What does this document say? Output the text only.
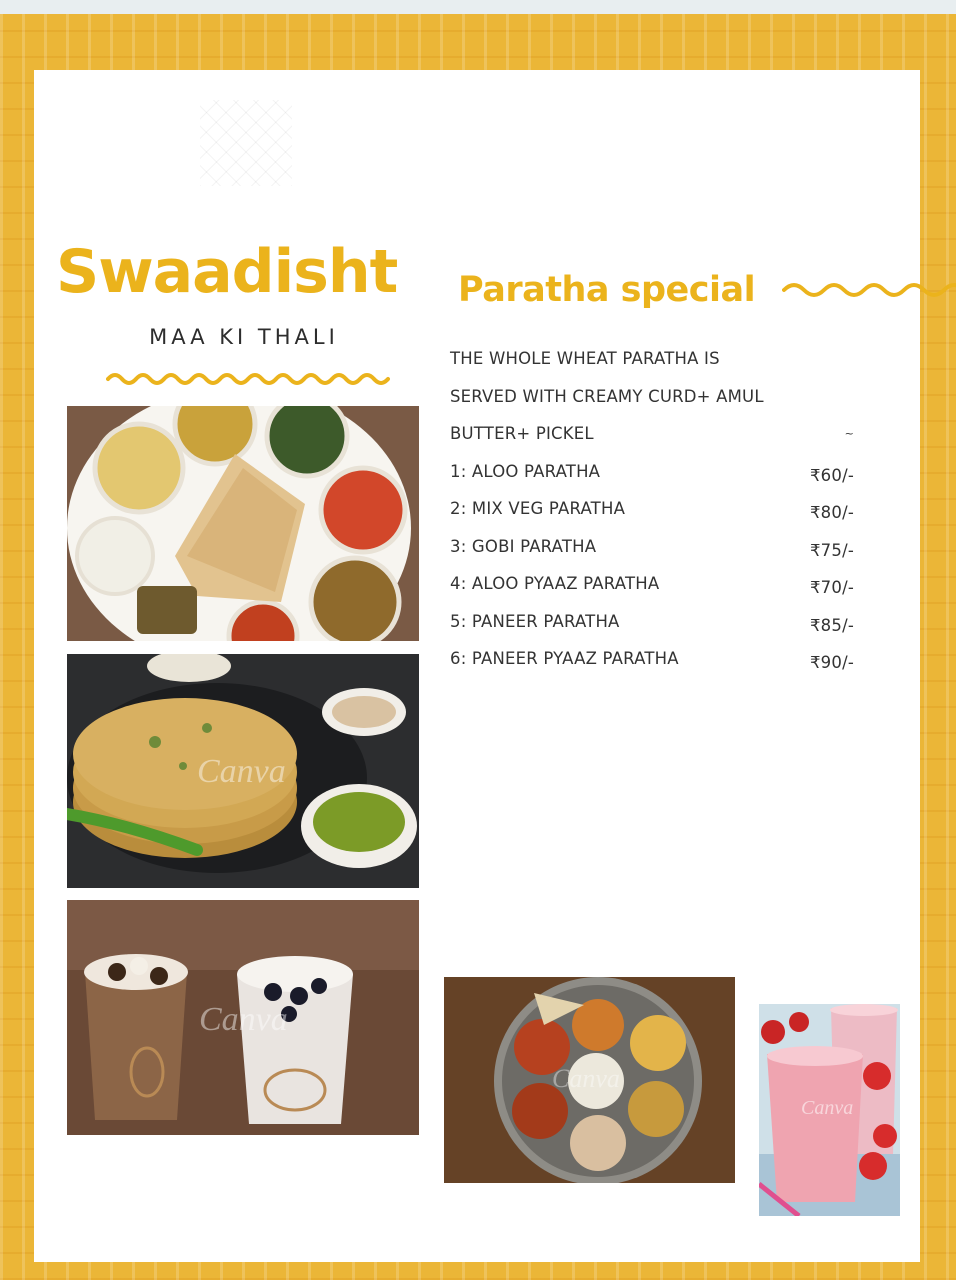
Swaadisht
MAA KI THALI
Paratha special
THE WHOLE WHEAT PARATHA IS
SERVED WITH CREAMY CURD+ AMUL
BUTTER+ PICKEL	~
1: ALOO PARATHA	₹60/-
2: MIX VEG PARATHA	₹80/-
3: GOBI PARATHA	₹75/-
4: ALOO PYAAZ PARATHA	₹70/-
5: PANEER PARATHA	₹85/-
6: PANEER PYAAZ PARATHA	₹90/-
Canva
Canva
Canva
Canva
